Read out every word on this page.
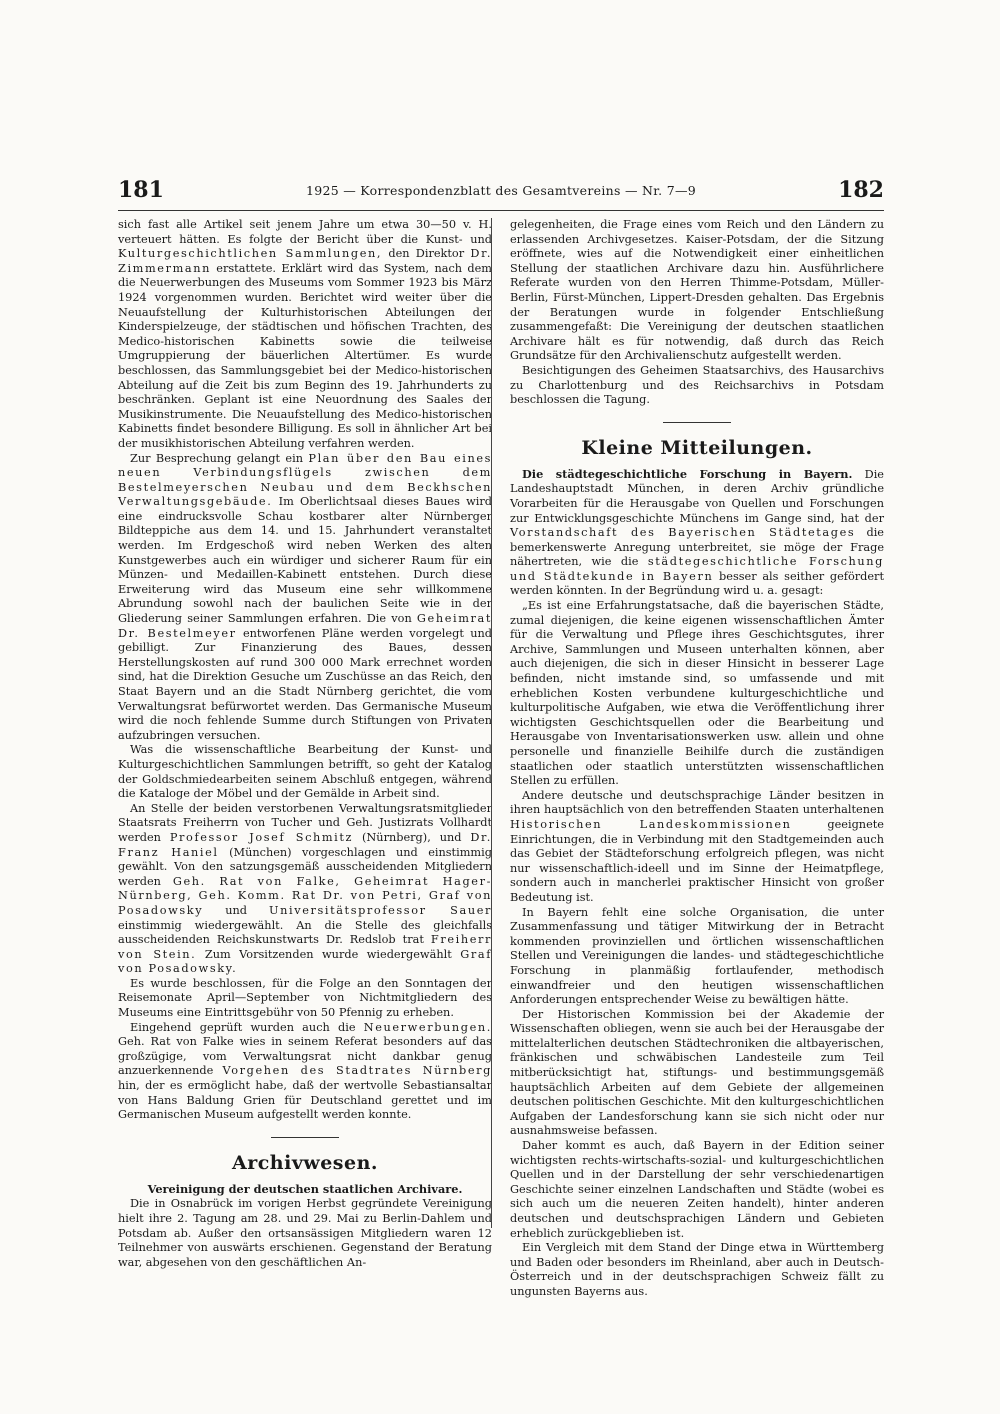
181	1925 — Korrespondenzblatt des Gesamtvereins — Nr. 7—9	182

sich fast alle Artikel seit jenem Jahre um etwa 30—50 v. H. verteuert hätten. Es folgte der Bericht über die Kunst- und Kulturgeschichtlichen Sammlungen, den Direktor Dr. Zimmermann erstattete. Erklärt wird das System, nach dem die Neuerwerbungen des Museums vom Sommer 1923 bis März 1924 vorgenommen wurden. Berichtet wird weiter über die Neuaufstellung der Kulturhistorischen Abteilungen der Kinderspielzeuge, der städtischen und höfischen Trachten, des Medico-historischen Kabinetts sowie die teilweise Umgruppierung der bäuerlichen Altertümer. Es wurde beschlossen, das Sammlungsgebiet bei der Medico-historischen Abteilung auf die Zeit bis zum Beginn des 19. Jahrhunderts zu beschränken. Geplant ist eine Neuordnung des Saales der Musikinstrumente. Die Neuaufstellung des Medico-historischen Kabinetts findet besondere Billigung. Es soll in ähnlicher Art bei der musikhistorischen Abteilung verfahren werden.

Zur Besprechung gelangt ein Plan über den Bau eines neuen Verbindungsflügels zwischen dem Bestelmeyerschen Neubau und dem Beckhschen Verwaltungsgebäude. Im Oberlichtsaal dieses Baues wird eine eindrucksvolle Schau kostbarer alter Nürnberger Bildteppiche aus dem 14. und 15. Jahrhundert veranstaltet werden. Im Erdgeschoß wird neben Werken des alten Kunstgewerbes auch ein würdiger und sicherer Raum für ein Münzen- und Medaillen-Kabinett entstehen. Durch diese Erweiterung wird das Museum eine sehr willkommene Abrundung sowohl nach der baulichen Seite wie in der Gliederung seiner Sammlungen erfahren. Die von Geheimrat Dr. Bestelmeyer entworfenen Pläne werden vorgelegt und gebilligt. Zur Finanzierung des Baues, dessen Herstellungskosten auf rund 300 000 Mark errechnet worden sind, hat die Direktion Gesuche um Zuschüsse an das Reich, den Staat Bayern und an die Stadt Nürnberg gerichtet, die vom Verwaltungsrat befürwortet werden. Das Germanische Museum wird die noch fehlende Summe durch Stiftungen von Privaten aufzubringen versuchen.

Was die wissenschaftliche Bearbeitung der Kunst- und Kulturgeschichtlichen Sammlungen betrifft, so geht der Katalog der Goldschmiedearbeiten seinem Abschluß entgegen, während die Kataloge der Möbel und der Gemälde in Arbeit sind.

An Stelle der beiden verstorbenen Verwaltungsratsmitglieder Staatsrats Freiherrn von Tucher und Geh. Justizrats Vollhardt werden Professor Josef Schmitz (Nürnberg), und Dr. Franz Haniel (München) vorgeschlagen und einstimmig gewählt. Von den satzungsgemäß ausscheidenden Mitgliedern werden Geh. Rat von Falke, Geheimrat Hager-Nürnberg, Geh. Komm. Rat Dr. von Petri, Graf von Posadowsky und Universitätsprofessor Sauer einstimmig wiedergewählt. An die Stelle des gleichfalls ausscheidenden Reichskunstwarts Dr. Redslob trat Freiherr von Stein. Zum Vorsitzenden wurde wiedergewählt Graf von Posadowsky.

Es wurde beschlossen, für die Folge an den Sonntagen der Reisemonate April—September von Nichtmitgliedern des Museums eine Eintrittsgebühr von 50 Pfennig zu erheben.

Eingehend geprüft wurden auch die Neuerwerbungen. Geh. Rat von Falke wies in seinem Referat besonders auf das großzügige, vom Verwaltungsrat nicht dankbar genug anzuerkennende Vorgehen des Stadtrates Nürnberg hin, der es ermöglicht habe, daß der wertvolle Sebastiansaltar von Hans Baldung Grien für Deutschland gerettet und im Germanischen Museum aufgestellt werden konnte.

Archivwesen.
Vereinigung der deutschen staatlichen Archivare.

Die in Osnabrück im vorigen Herbst gegründete Vereinigung hielt ihre 2. Tagung am 28. und 29. Mai zu Berlin-Dahlem und Potsdam ab. Außer den ortsansässigen Mitgliedern waren 12 Teilnehmer von auswärts erschienen. Gegenstand der Beratung war, abgesehen von den geschäftlichen An-

gelegenheiten, die Frage eines vom Reich und den Ländern zu erlassenden Archivgesetzes. Kaiser-Potsdam, der die Sitzung eröffnete, wies auf die Notwendigkeit einer einheitlichen Stellung der staatlichen Archivare dazu hin. Ausführlichere Referate wurden von den Herren Thimme-Potsdam, Müller-Berlin, Fürst-München, Lippert-Dresden gehalten. Das Ergebnis der Beratungen wurde in folgender Entschließung zusammengefaßt: Die Vereinigung der deutschen staatlichen Archivare hält es für notwendig, daß durch das Reich Grundsätze für den Archivalienschutz aufgestellt werden.

Besichtigungen des Geheimen Staatsarchivs, des Hausarchivs zu Charlottenburg und des Reichsarchivs in Potsdam beschlossen die Tagung.

Kleine Mitteilungen.

Die städtegeschichtliche Forschung in Bayern. Die Landeshauptstadt München, in deren Archiv gründliche Vorarbeiten für die Herausgabe von Quellen und Forschungen zur Entwicklungsgeschichte Münchens im Gange sind, hat der Vorstandschaft des Bayerischen Städtetages die bemerkenswerte Anregung unterbreitet, sie möge der Frage nähertreten, wie die städtegeschichtliche Forschung und Städtekunde in Bayern besser als seither gefördert werden könnten. In der Begründung wird u. a. gesagt:

„Es ist eine Erfahrungstatsache, daß die bayerischen Städte, zumal diejenigen, die keine eigenen wissenschaftlichen Ämter für die Verwaltung und Pflege ihres Geschichtsgutes, ihrer Archive, Sammlungen und Museen unterhalten können, aber auch diejenigen, die sich in dieser Hinsicht in besserer Lage befinden, nicht imstande sind, so umfassende und mit erheblichen Kosten verbundene kulturgeschichtliche und kulturpolitische Aufgaben, wie etwa die Veröffentlichung ihrer wichtigsten Geschichtsquellen oder die Bearbeitung und Herausgabe von Inventarisationswerken usw. allein und ohne personelle und finanzielle Beihilfe durch die zuständigen staatlichen oder staatlich unterstützten wissenschaftlichen Stellen zu erfüllen.

Andere deutsche und deutschsprachige Länder besitzen in ihren hauptsächlich von den betreffenden Staaten unterhaltenen Historischen Landeskommissionen geeignete Einrichtungen, die in Verbindung mit den Stadtgemeinden auch das Gebiet der Städteforschung erfolgreich pflegen, was nicht nur wissenschaftlich-ideell und im Sinne der Heimatpflege, sondern auch in mancherlei praktischer Hinsicht von großer Bedeutung ist.

In Bayern fehlt eine solche Organisation, die unter Zusammenfassung und tätiger Mitwirkung der in Betracht kommenden provinziellen und örtlichen wissenschaftlichen Stellen und Vereinigungen die landes- und städtegeschichtliche Forschung in planmäßig fortlaufender, methodisch einwandfreier und den heutigen wissenschaftlichen Anforderungen entsprechender Weise zu bewältigen hätte.

Der Historischen Kommission bei der Akademie der Wissenschaften obliegen, wenn sie auch bei der Herausgabe der mittelalterlichen deutschen Städtechroniken die altbayerischen, fränkischen und schwäbischen Landesteile zum Teil mitberücksichtigt hat, stiftungs- und bestimmungsgemäß hauptsächlich Arbeiten auf dem Gebiete der allgemeinen deutschen politischen Geschichte. Mit den kulturgeschichtlichen Aufgaben der Landesforschung kann sie sich nicht oder nur ausnahmsweise befassen.

Daher kommt es auch, daß Bayern in der Edition seiner wichtigsten rechts-wirtschafts-sozial- und kulturgeschichtlichen Quellen und in der Darstellung der sehr verschiedenartigen Geschichte seiner einzelnen Landschaften und Städte (wobei es sich auch um die neueren Zeiten handelt), hinter anderen deutschen und deutschsprachigen Ländern und Gebieten erheblich zurückgeblieben ist.

Ein Vergleich mit dem Stand der Dinge etwa in Württemberg und Baden oder besonders im Rheinland, aber auch in Deutsch-Österreich und in der deutschsprachigen Schweiz fällt zu ungunsten Bayerns aus.
